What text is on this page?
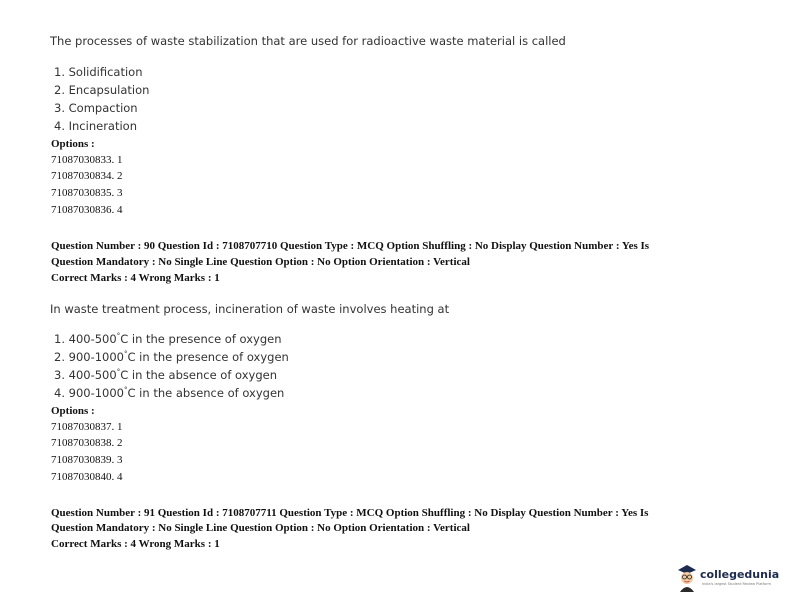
The processes of waste stabilization that are used for radioactive waste material is called
1. Solidification
2. Encapsulation
3. Compaction
4. Incineration
Options :
71087030833. 1
71087030834. 2
71087030835. 3
71087030836. 4
Question Number : 90 Question Id : 7108707710 Question Type : MCQ Option Shuffling : No Display Question Number : Yes Is
Question Mandatory : No Single Line Question Option : No Option Orientation : Vertical
Correct Marks : 4 Wrong Marks : 1
In waste treatment process, incineration of waste involves heating at
1. 400-500°C in the presence of oxygen
2. 900-1000°C in the presence of oxygen
3. 400-500°C in the absence of oxygen
4. 900-1000°C in the absence of oxygen
Options :
71087030837. 1
71087030838. 2
71087030839. 3
71087030840. 4
Question Number : 91 Question Id : 7108707711 Question Type : MCQ Option Shuffling : No Display Question Number : Yes Is
Question Mandatory : No Single Line Question Option : No Option Orientation : Vertical
Correct Marks : 4 Wrong Marks : 1
collegedunia
India's largest Student Review Platform
